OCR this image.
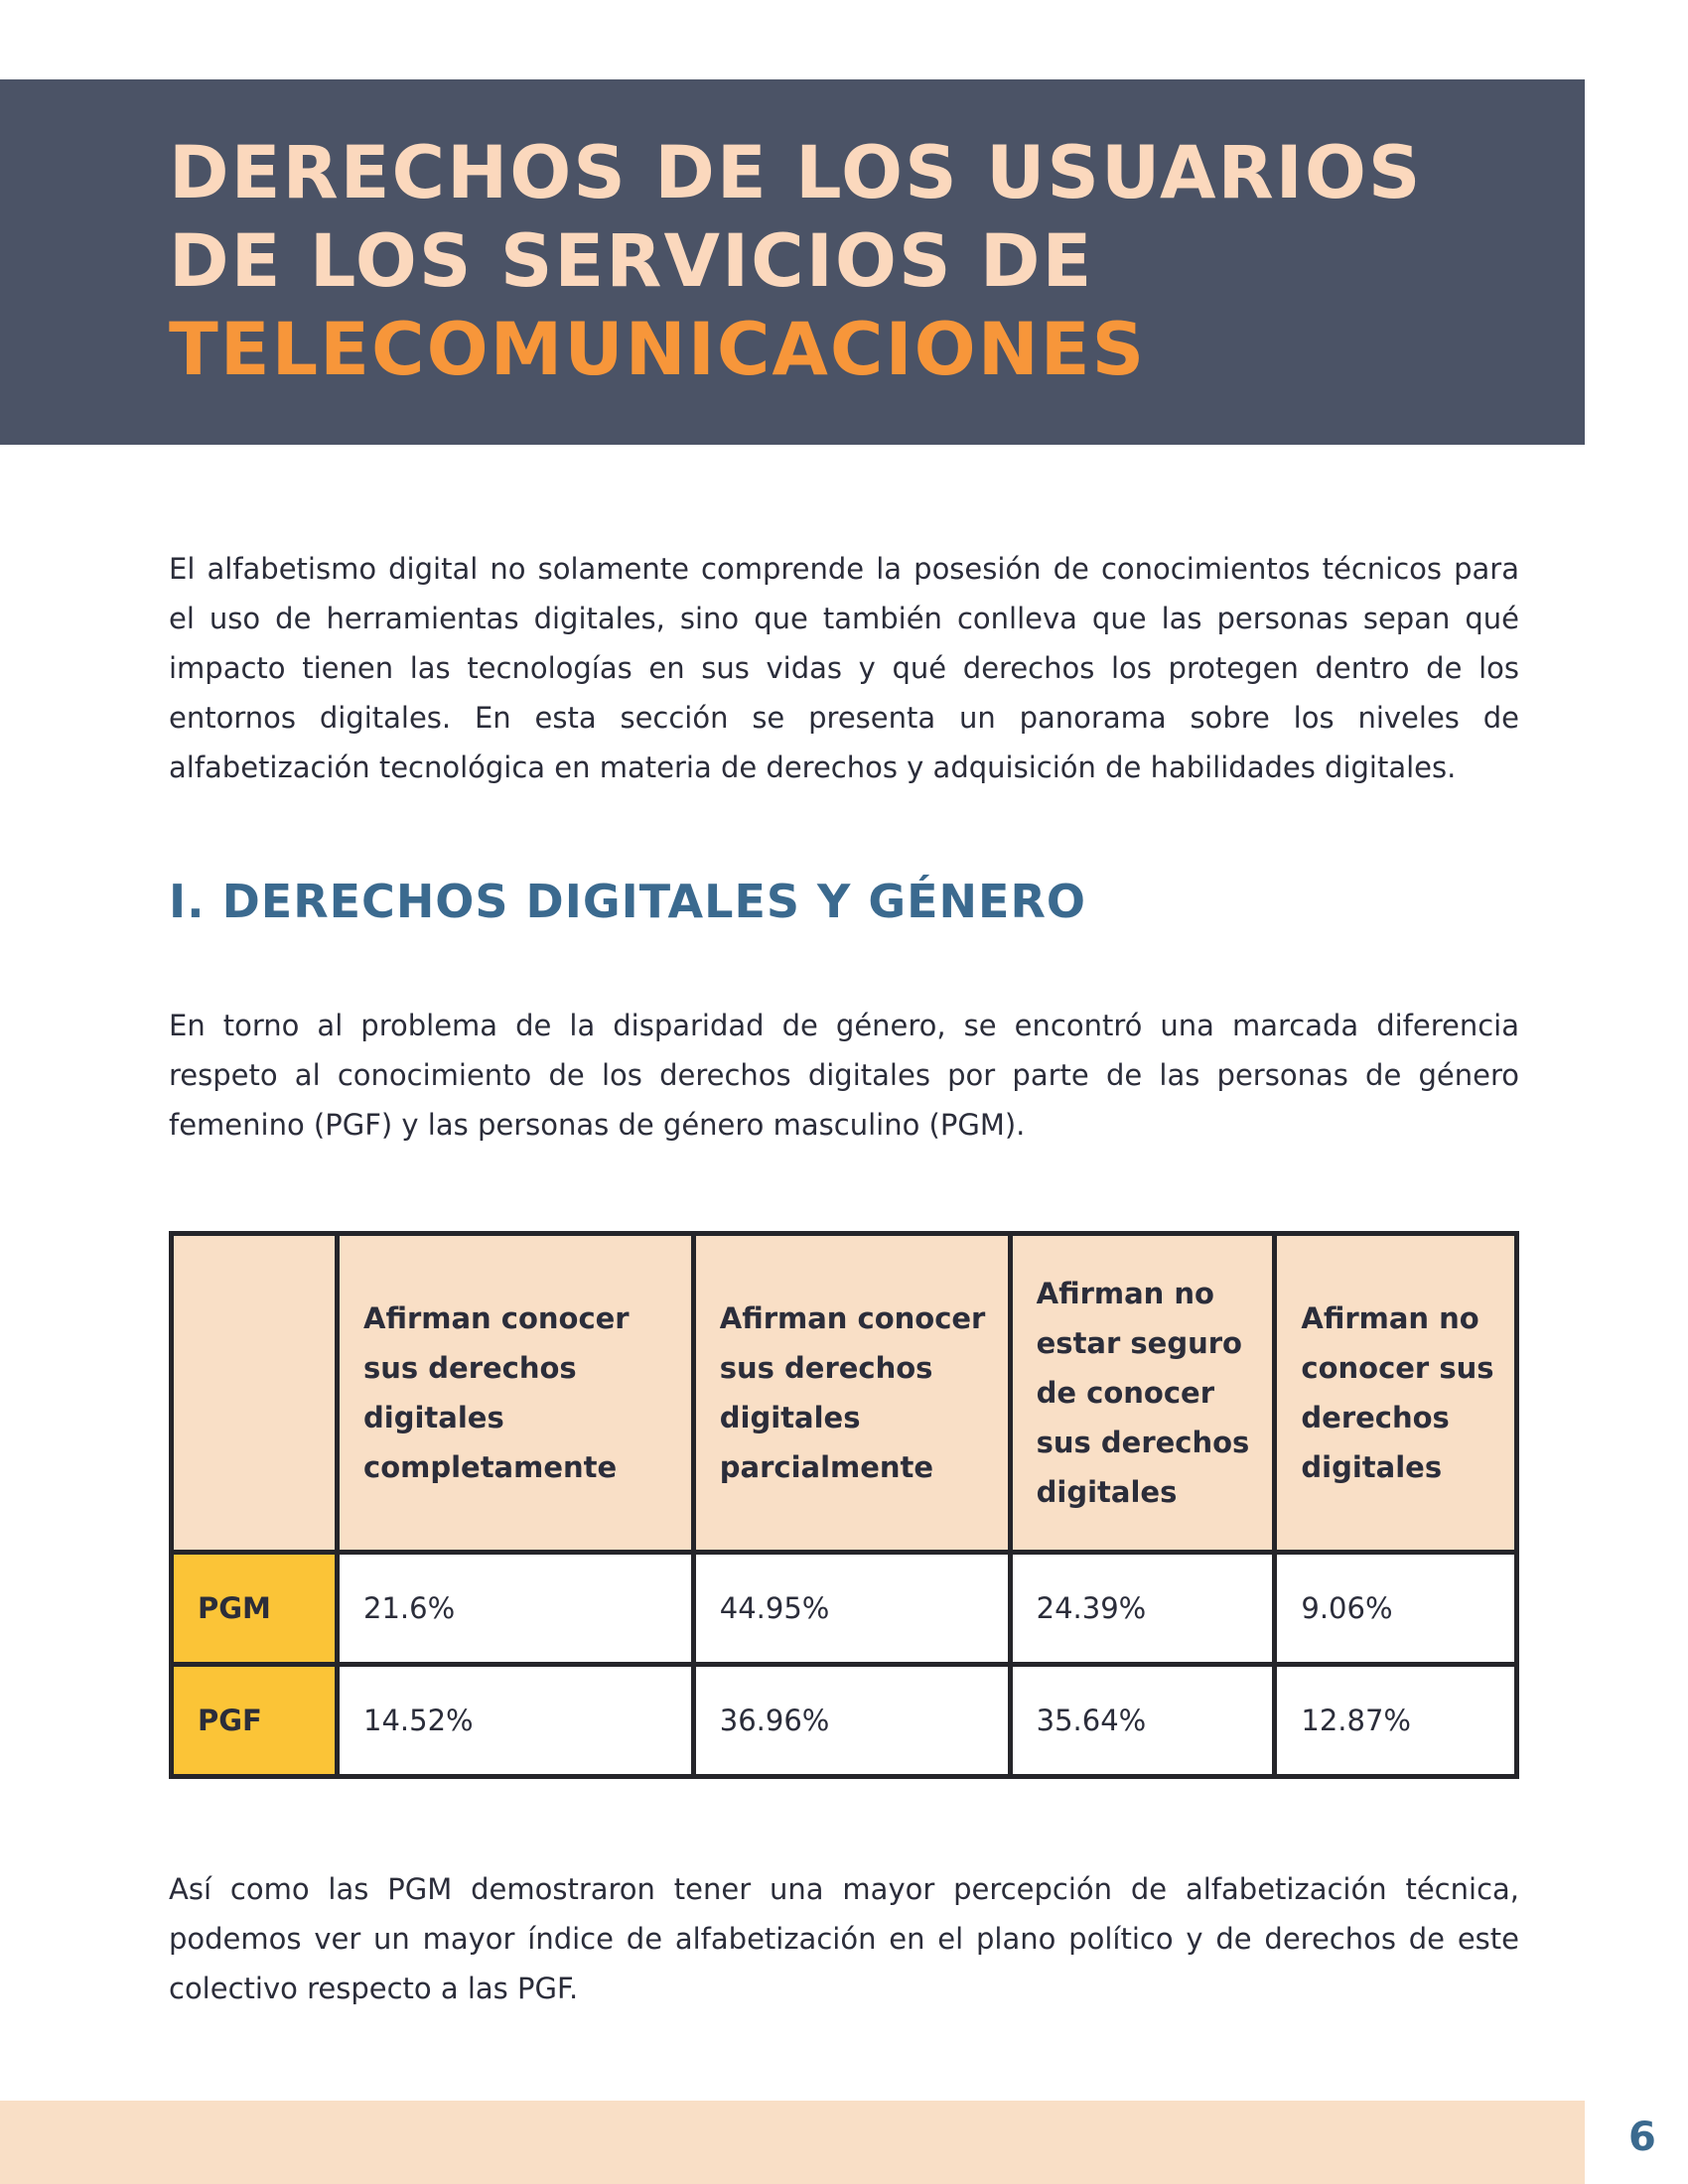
DERECHOS DE LOS USUARIOS
DE LOS SERVICIOS DE
TELECOMUNICACIONES

El alfabetismo digital no solamente comprende la posesión de conocimientos técnicos para el uso de herramientas digitales, sino que también conlleva que las personas sepan qué impacto tienen las tecnologías en sus vidas y qué derechos los protegen dentro de los entornos digitales. En esta sección se presenta un panorama sobre los niveles de alfabetización tecnológica en materia de derechos y adquisición de habilidades digitales.

I. DERECHOS DIGITALES Y GÉNERO

En torno al problema de la disparidad de género, se encontró una marcada diferencia respeto al conocimiento de los derechos digitales por parte de las personas de género femenino (PGF) y las personas de género masculino (PGM).

	Afirman conocer sus derechos digitales completamente	Afirman conocer sus derechos digitales parcialmente	Afirman no estar seguro de conocer sus derechos digitales	Afirman no conocer sus derechos digitales
PGM	21.6%	44.95%	24.39%	9.06%
PGF	14.52%	36.96%	35.64%	12.87%

Así como las PGM demostraron tener una mayor percepción de alfabetización técnica, podemos ver un mayor índice de alfabetización en el plano político y de derechos de este colectivo respecto a las PGF.

6
